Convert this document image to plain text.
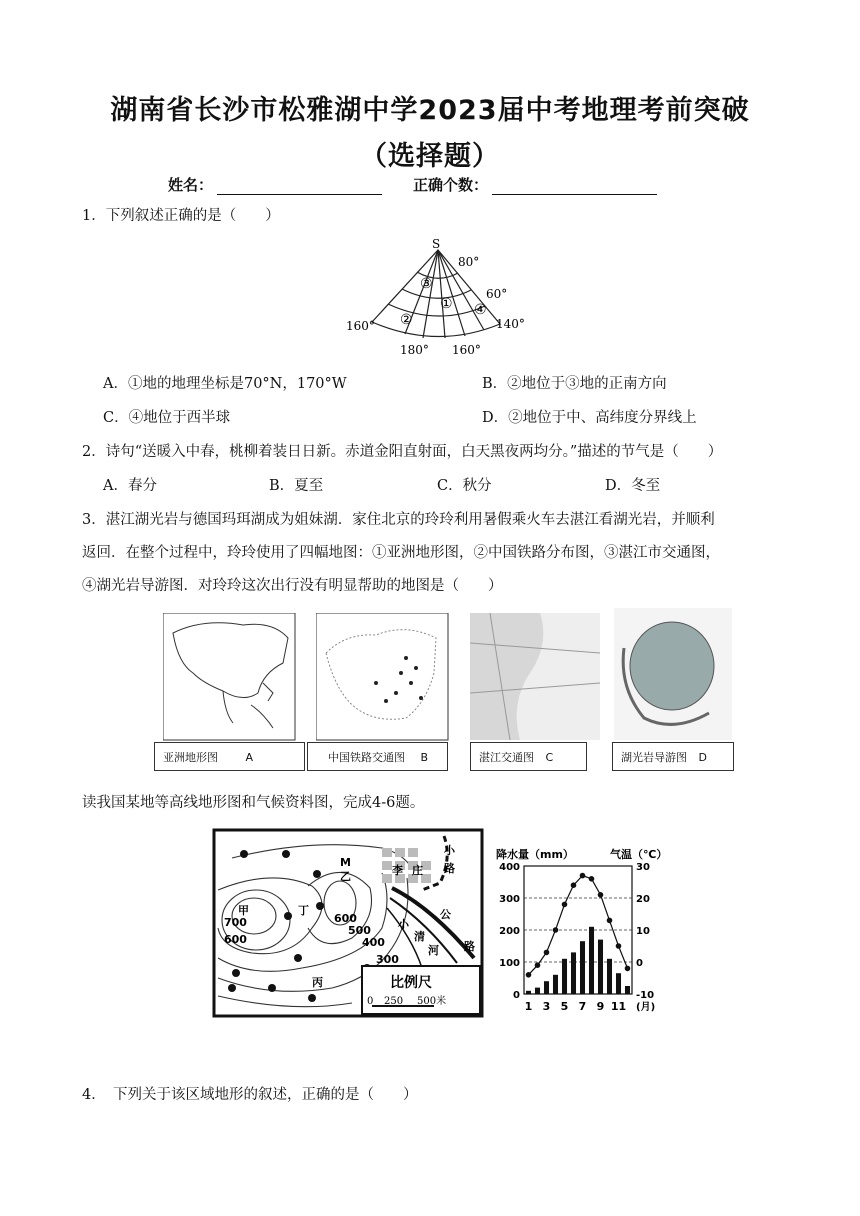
湖南省长沙市松雅湖中学2023届中考地理考前突破
（选择题）
姓名：	正确个数：
1．下列叙述正确的是（　　）
S
80°
60°
160°	140°
180° 160°
③
①
②
④
A．①地的地理坐标是70°N，170°W	B．②地位于③地的正南方向
C．④地位于西半球	D．②地位于中、高纬度分界线上
2．诗句“送暖入中春，桃柳着装日日新。赤道金阳直射面，白天黑夜两均分。”描述的节气是（　　）
A．春分	B．夏至	C．秋分	D．冬至
3．湛江湖光岩与德国玛珥湖成为姐妹湖．家住北京的玲玲利用暑假乘火车去湛江看湖光岩，并顺利
返回．在整个过程中，玲玲使用了四幅地图：①亚洲地形图，②中国铁路分布图，③湛江市交通图，
④湖光岩导游图．对玲玲这次出行没有明显帮助的地图是（　　）
亚洲地形图	A	中国铁路交通图 B	湛江交通图 C	湖光岩导游图 D
读我国某地等高线地形图和气候资料图，完成4-6题。
比例尺
0 250 500米
甲
乙
丙
丁
M
李 庄
小
路
公
路
小
清
河
700
600
600
500
400
300
降水量（mm）	气温（℃）
400
300
200
100
0
30
20
10
0
-10
1 3 5 7 9 11 (月)
4．　下列关于该区域地形的叙述，正确的是（　　）
